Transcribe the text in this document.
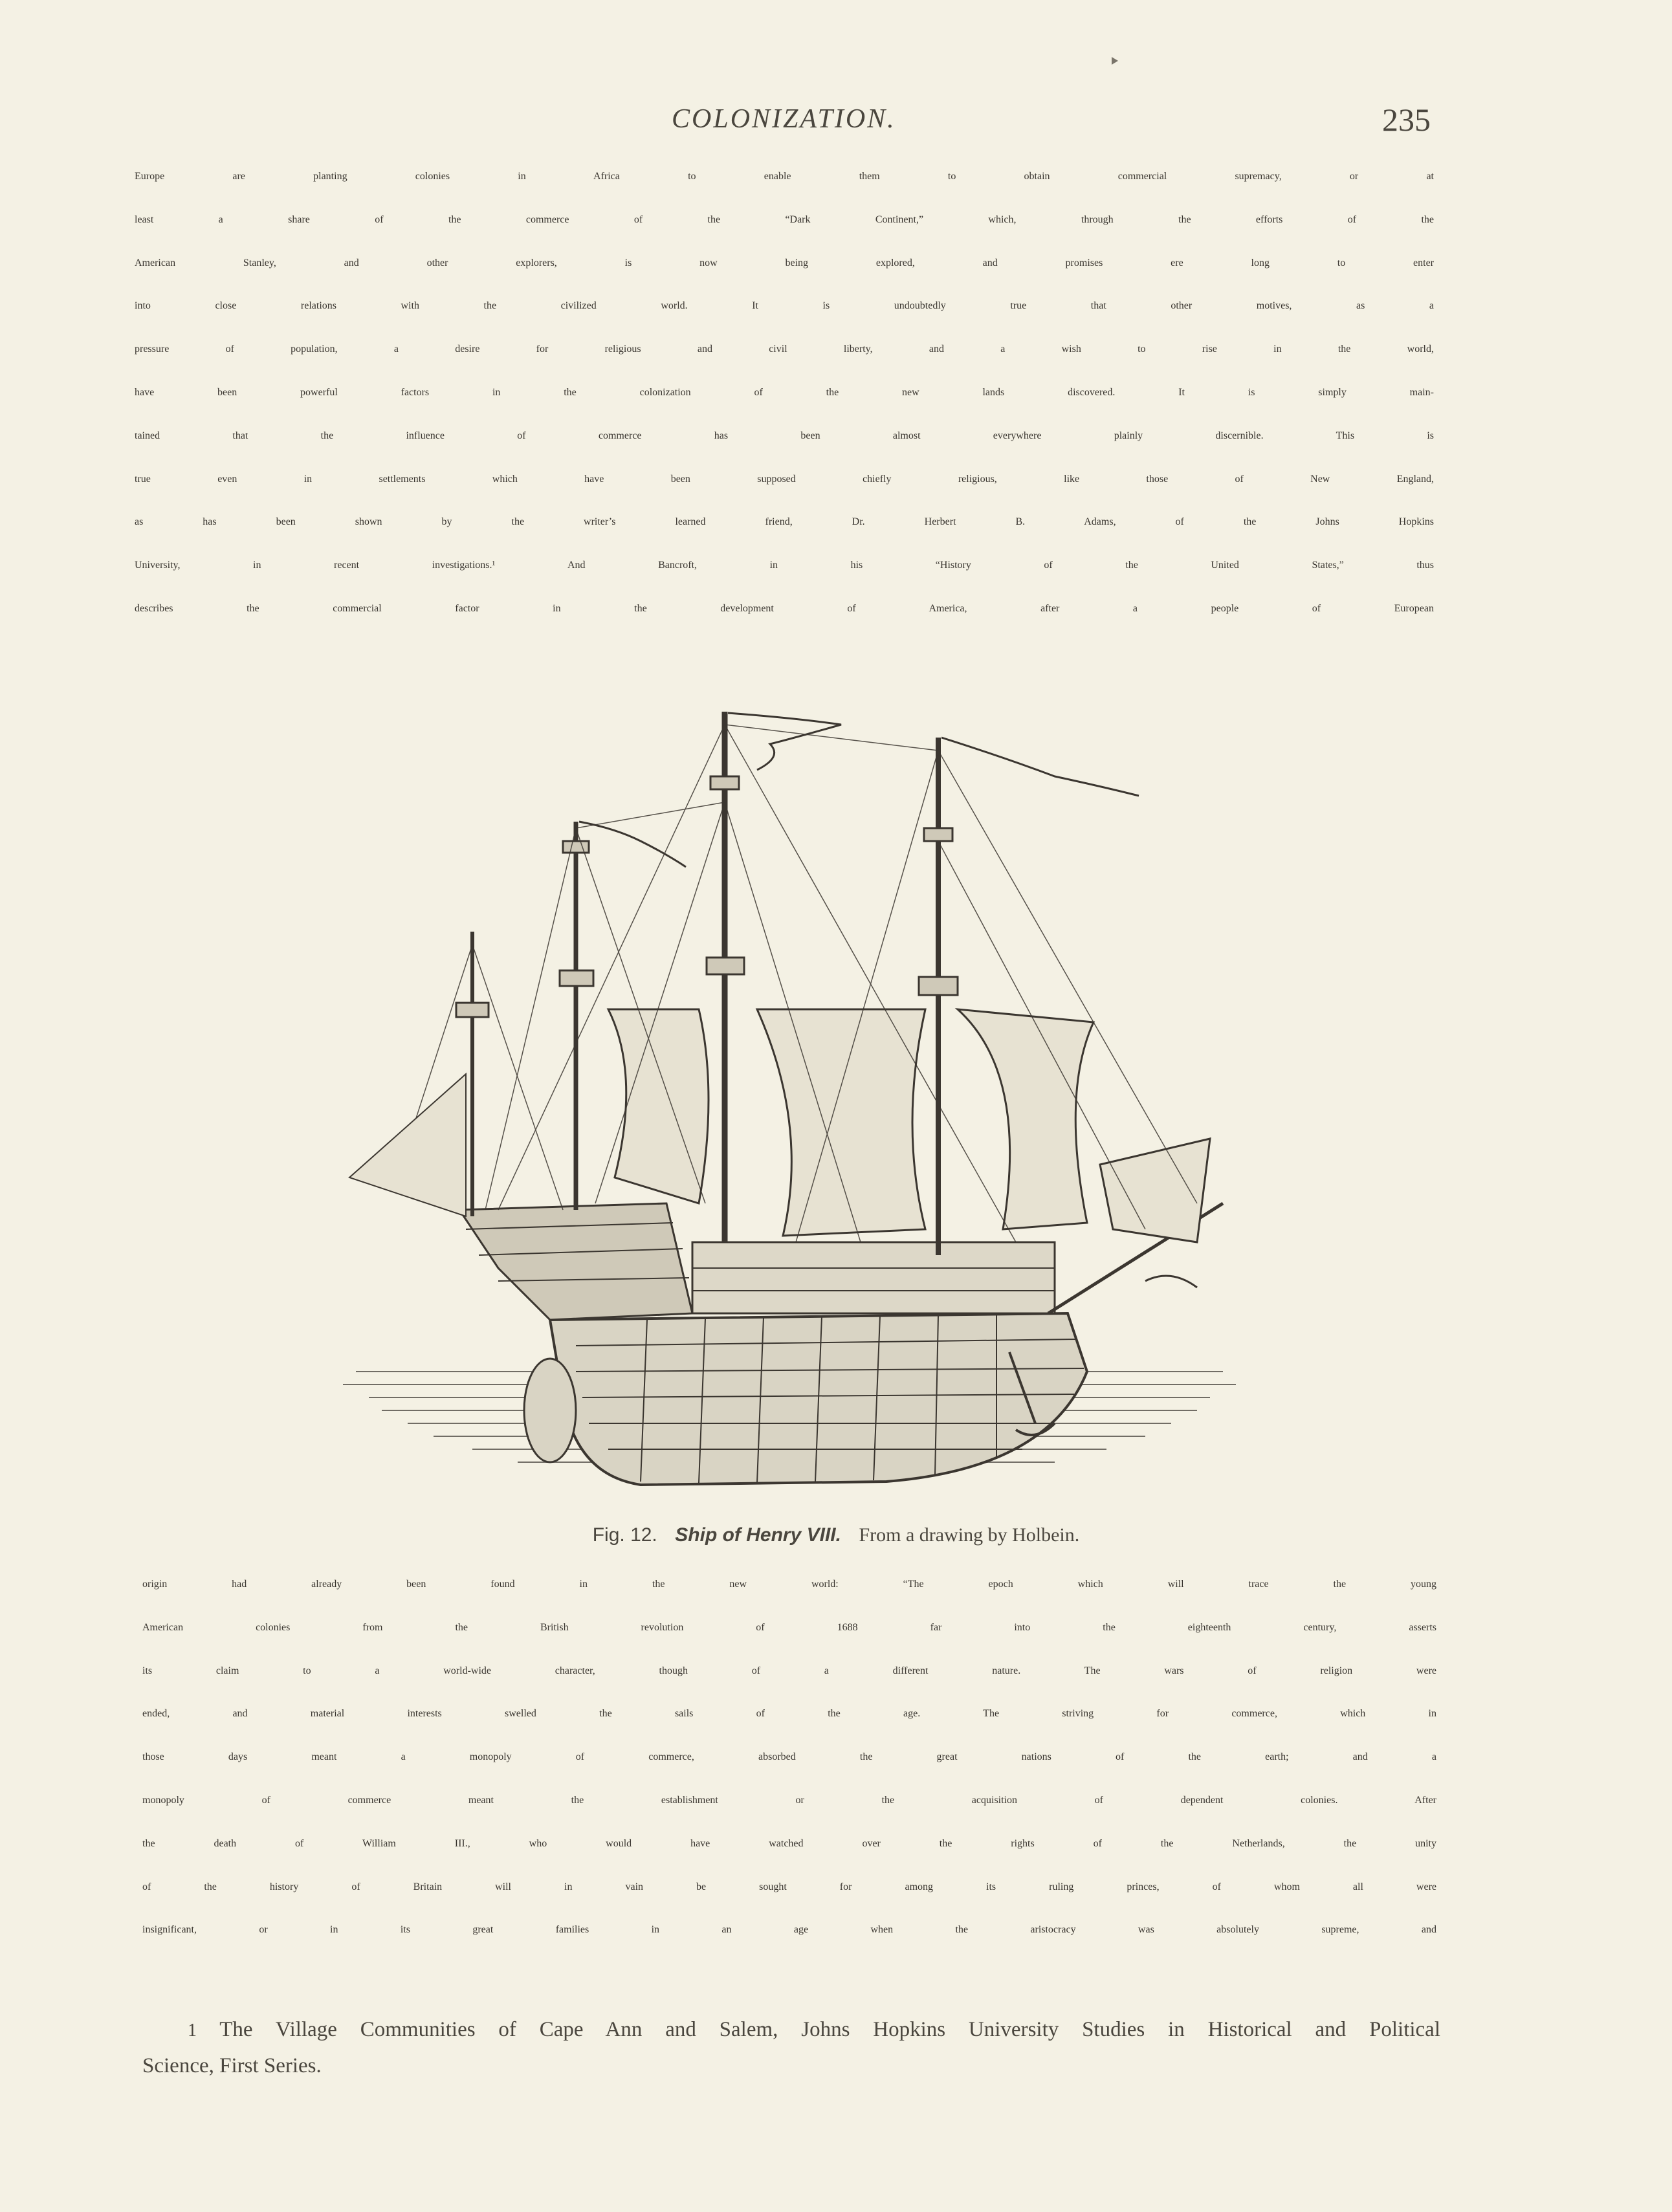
COLONIZATION.	235
Europe are planting colonies in Africa to enable them to obtain commercial supremacy, or at
least a share of the commerce of the “Dark Continent,” which, through the efforts of the
American Stanley, and other explorers, is now being explored, and promises ere long to enter
into close relations with the civilized world. It is undoubtedly true that other motives, as a
pressure of population, a desire for religious and civil liberty, and a wish to rise in the world,
have been powerful factors in the colonization of the new lands discovered. It is simply main-
tained that the influence of commerce has been almost everywhere plainly discernible. This is
true even in settlements which have been supposed chiefly religious, like those of New England,
as has been shown by the writer’s learned friend, Dr. Herbert B. Adams, of the Johns Hopkins
University, in recent investigations.¹ And Bancroft, in his “History of the United States,” thus
describes the commercial factor in the development of America, after a people of European
Fig. 12. Ship of Henry VIII. From a drawing by Holbein.
origin had already been found in the new world: “The epoch which will trace the young
American colonies from the British revolution of 1688 far into the eighteenth century, asserts
its claim to a world-wide character, though of a different nature. The wars of religion were
ended, and material interests swelled the sails of the age. The striving for commerce, which in
those days meant a monopoly of commerce, absorbed the great nations of the earth; and a
monopoly of commerce meant the establishment or the acquisition of dependent colonies. After
the death of William III., who would have watched over the rights of the Netherlands, the unity
of the history of Britain will in vain be sought for among its ruling princes, of whom all were
insignificant, or in its great families in an age when the aristocracy was absolutely supreme, and
1 The Village Communities of Cape Ann and Salem, Johns Hopkins University Studies in Historical and Political
Science, First Series.
